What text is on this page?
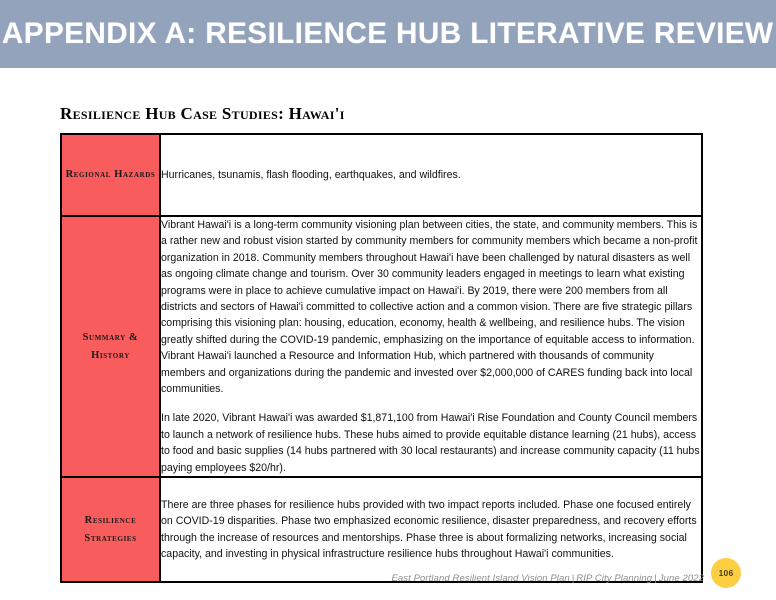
APPENDIX A: RESILIENCE HUB LITERATIVE REVIEW
Resilience Hub Case Studies: Hawai'i
Regional Hazards	Hurricanes, tsunamis, flash flooding, earthquakes, and wildfires.

Summary & History	Vibrant Hawai'i is a long-term community visioning plan between cities, the state, and community members. This is a rather new and robust vision started by community members for community members which became a non-profit organization in 2018. Community members throughout Hawai'i have been challenged by natural disasters as well as ongoing climate change and tourism. Over 30 community leaders engaged in meetings to learn what existing programs were in place to achieve cumulative impact on Hawai'i. By 2019, there were 200 members from all districts and sectors of Hawai'i committed to collective action and a common vision. There are five strategic pillars comprising this visioning plan: housing, education, economy, health & wellbeing, and resilience hubs. The vision greatly shifted during the COVID-19 pandemic, emphasizing on the importance of equitable access to information. Vibrant Hawai'i launched a Resource and Information Hub, which partnered with thousands of community members and organizations during the pandemic and invested over $2,000,000 of CARES funding back into local communities.

In late 2020, Vibrant Hawai'i was awarded $1,871,100 from Hawai'i Rise Foundation and County Council members to launch a network of resilience hubs. These hubs aimed to provide equitable distance learning (21 hubs), access to food and basic supplies (14 hubs partnered with 30 local restaurants) and increase community capacity (11 hubs paying employees $20/hr).

Resilience Strategies	There are three phases for resilience hubs provided with two impact reports included. Phase one focused entirely on COVID-19 disparities. Phase two emphasized economic resilience, disaster preparedness, and recovery efforts through the increase of resources and mentorships. Phase three is about formalizing networks, increasing social capacity, and investing in physical infrastructure resilience hubs throughout Hawai'i communities.

East Portland Resilient Island Vision Plan | RIP City Planning | June 2022 106
